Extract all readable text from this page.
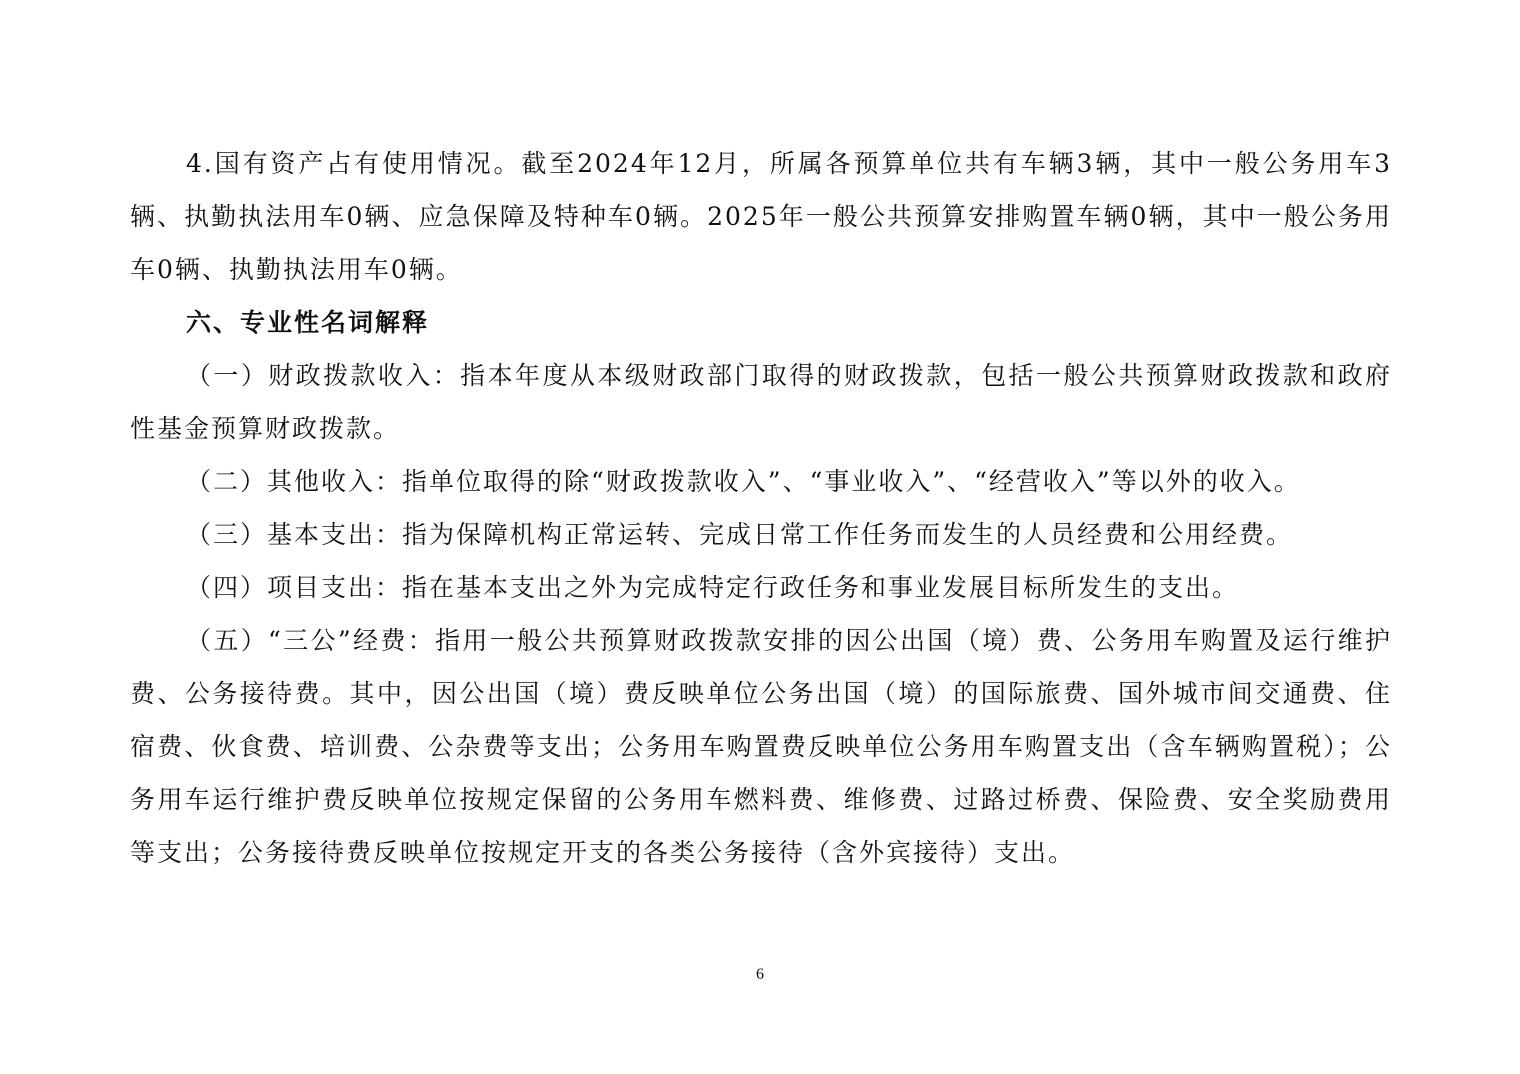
4.国有资产占有使用情况。截至2024年12月，所属各预算单位共有车辆3辆，其中一般公务用车3辆、执勤执法用车0辆、应急保障及特种车0辆。2025年一般公共预算安排购置车辆0辆，其中一般公务用车0辆、执勤执法用车0辆。

六、专业性名词解释

（一）财政拨款收入：指本年度从本级财政部门取得的财政拨款，包括一般公共预算财政拨款和政府性基金预算财政拨款。

（二）其他收入：指单位取得的除“财政拨款收入”、“事业收入”、“经营收入”等以外的收入。

（三）基本支出：指为保障机构正常运转、完成日常工作任务而发生的人员经费和公用经费。

（四）项目支出：指在基本支出之外为完成特定行政任务和事业发展目标所发生的支出。

（五）“三公”经费：指用一般公共预算财政拨款安排的因公出国（境）费、公务用车购置及运行维护费、公务接待费。其中，因公出国（境）费反映单位公务出国（境）的国际旅费、国外城市间交通费、住宿费、伙食费、培训费、公杂费等支出；公务用车购置费反映单位公务用车购置支出（含车辆购置税）；公务用车运行维护费反映单位按规定保留的公务用车燃料费、维修费、过路过桥费、保险费、安全奖励费用等支出；公务接待费反映单位按规定开支的各类公务接待（含外宾接待）支出。

6
